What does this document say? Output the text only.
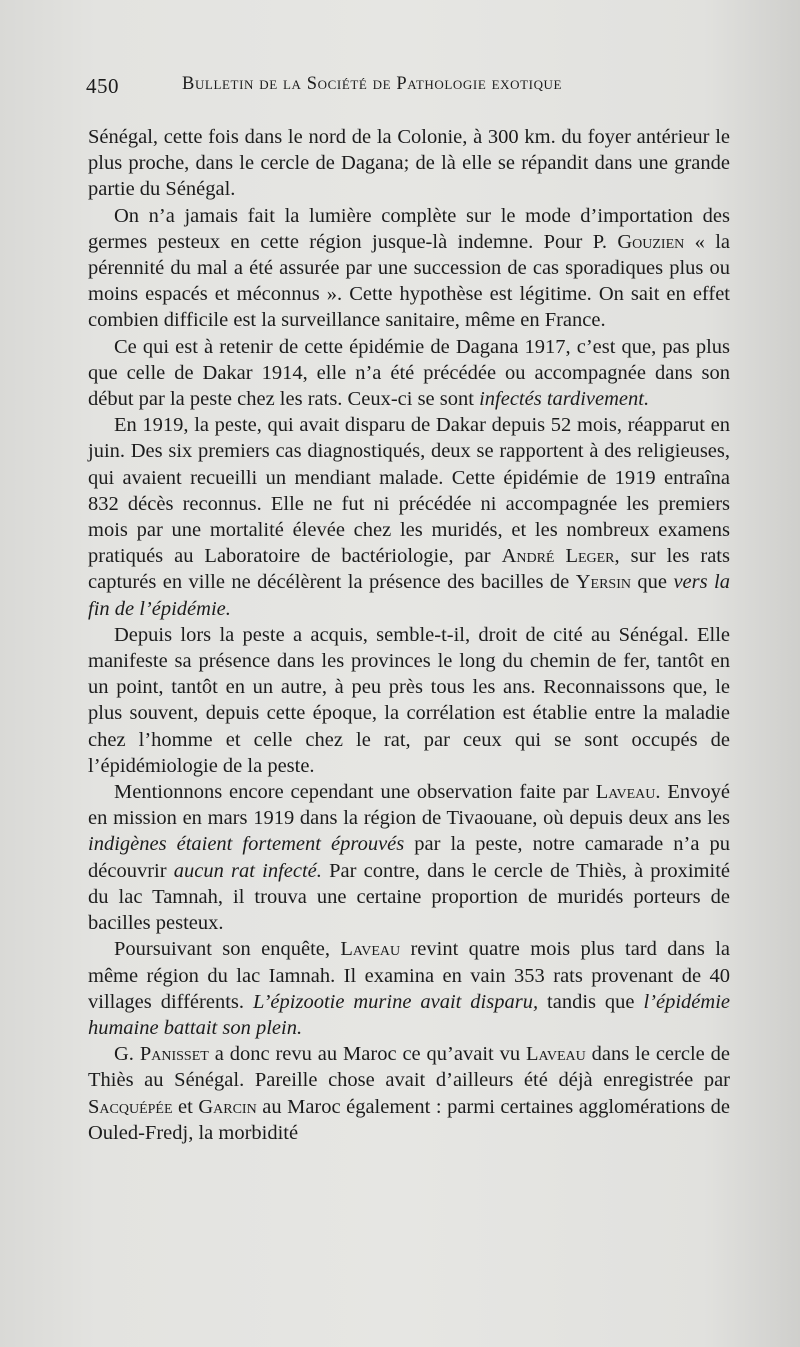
450	Bulletin de la Société de Pathologie exotique

Sénégal, cette fois dans le nord de la Colonie, à 300 km. du foyer antérieur le plus proche, dans le cercle de Dagana; de là elle se répandit dans une grande partie du Sénégal.

On n’a jamais fait la lumière complète sur le mode d’importation des germes pesteux en cette région jusque-là indemne. Pour P. Gouzien « la pérennité du mal a été assurée par une succession de cas sporadiques plus ou moins espacés et méconnus ». Cette hypothèse est légitime. On sait en effet combien difficile est la surveillance sanitaire, même en France.

Ce qui est à retenir de cette épidémie de Dagana 1917, c’est que, pas plus que celle de Dakar 1914, elle n’a été précédée ou accompagnée dans son début par la peste chez les rats. Ceux-ci se sont infectés tardivement.

En 1919, la peste, qui avait disparu de Dakar depuis 52 mois, réapparut en juin. Des six premiers cas diagnostiqués, deux se rapportent à des religieuses, qui avaient recueilli un mendiant malade. Cette épidémie de 1919 entraîna 832 décès reconnus. Elle ne fut ni précédée ni accompagnée les premiers mois par une mortalité élevée chez les muridés, et les nombreux examens pratiqués au Laboratoire de bactériologie, par André Leger, sur les rats capturés en ville ne décélèrent la présence des bacilles de Yersin que vers la fin de l’épidémie.

Depuis lors la peste a acquis, semble-t-il, droit de cité au Sénégal. Elle manifeste sa présence dans les provinces le long du chemin de fer, tantôt en un point, tantôt en un autre, à peu près tous les ans. Reconnaissons que, le plus souvent, depuis cette époque, la corrélation est établie entre la maladie chez l’homme et celle chez le rat, par ceux qui se sont occupés de l’épidémiologie de la peste.

Mentionnons encore cependant une observation faite par Laveau. Envoyé en mission en mars 1919 dans la région de Tivaouane, où depuis deux ans les indigènes étaient fortement éprouvés par la peste, notre camarade n’a pu découvrir aucun rat infecté. Par contre, dans le cercle de Thiès, à proximité du lac Tamnah, il trouva une certaine proportion de muridés porteurs de bacilles pesteux.

Poursuivant son enquête, Laveau revint quatre mois plus tard dans la même région du lac Iamnah. Il examina en vain 353 rats provenant de 40 villages différents. L’épizootie murine avait disparu, tandis que l’épidémie humaine battait son plein.

G. Panisset a donc revu au Maroc ce qu’avait vu Laveau dans le cercle de Thiès au Sénégal. Pareille chose avait d’ailleurs été déjà enregistrée par Sacquépée et Garcin au Maroc également : parmi certaines agglomérations de Ouled-Fredj, la morbidité
